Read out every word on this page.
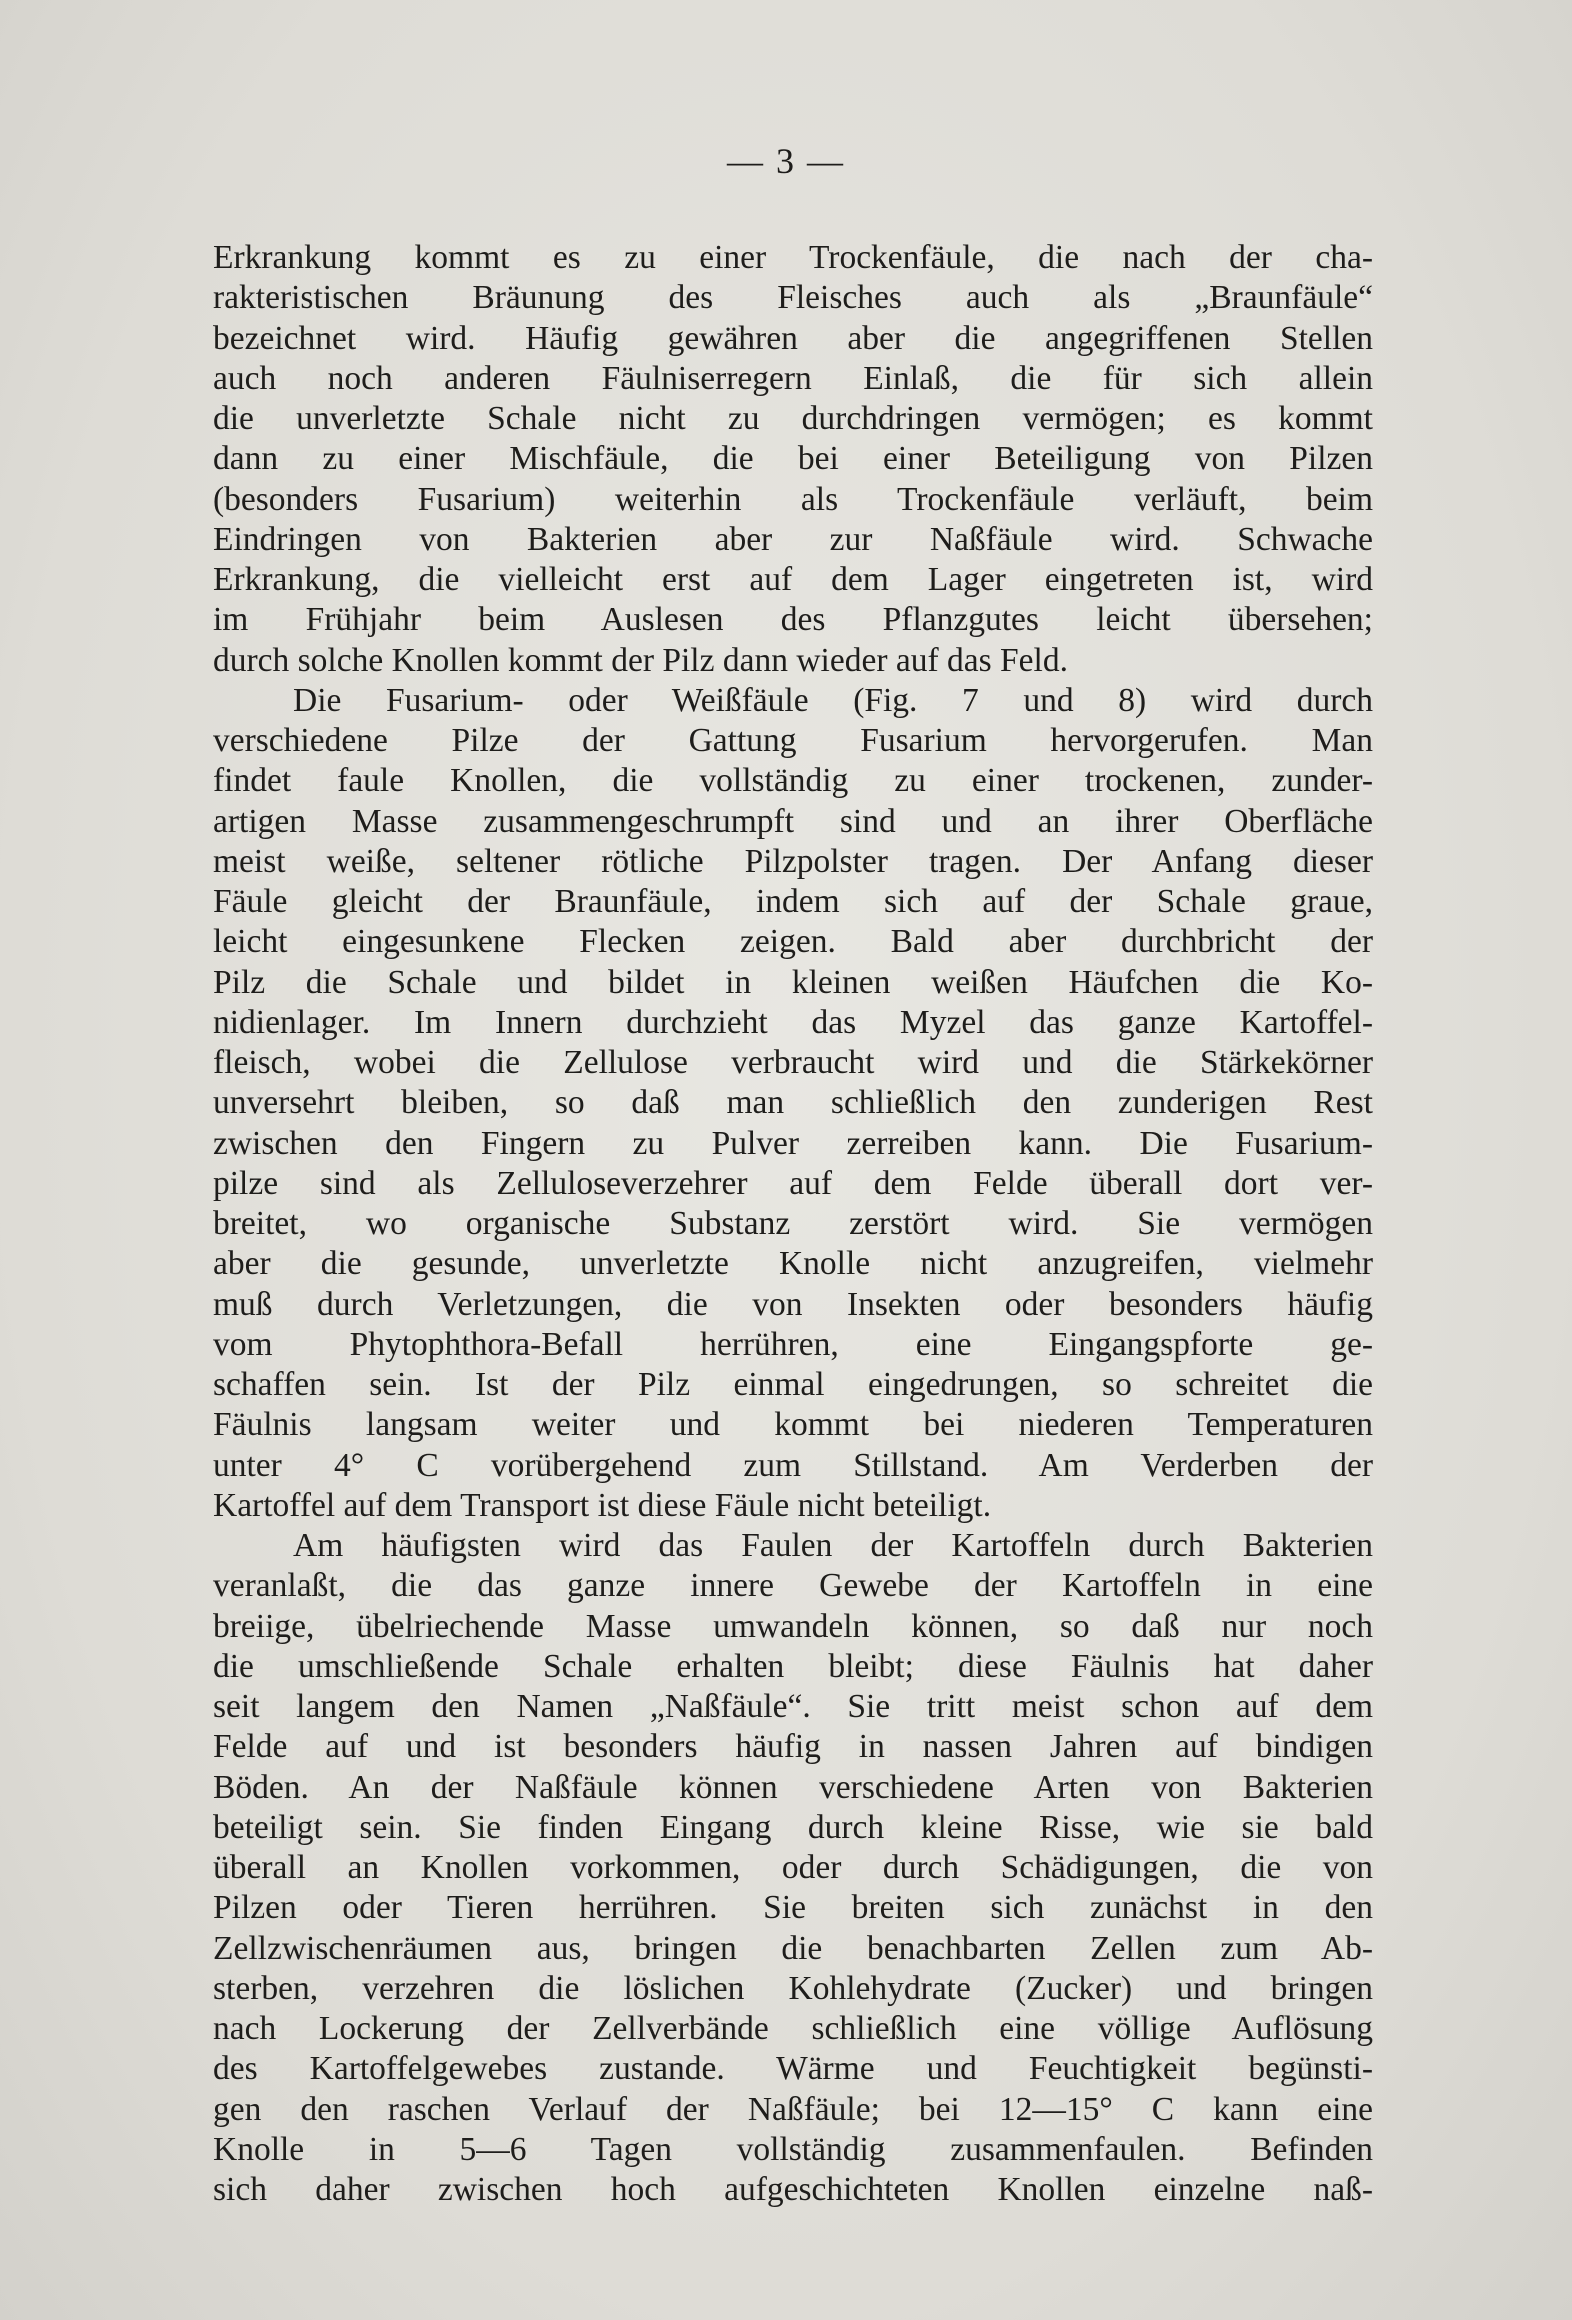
— 3 —
Erkrankung kommt es zu einer Trockenfäule, die nach der cha-
rakteristischen Bräunung des Fleisches auch als „Braunfäule“
bezeichnet wird. Häufig gewähren aber die angegriffenen Stellen
auch noch anderen Fäulniserregern Einlaß, die für sich allein
die unverletzte Schale nicht zu durchdringen vermögen; es kommt
dann zu einer Mischfäule, die bei einer Beteiligung von Pilzen
(besonders Fusarium) weiterhin als Trockenfäule verläuft, beim
Eindringen von Bakterien aber zur Naßfäule wird. Schwache
Erkrankung, die vielleicht erst auf dem Lager eingetreten ist, wird
im Frühjahr beim Auslesen des Pflanzgutes leicht übersehen;
durch solche Knollen kommt der Pilz dann wieder auf das Feld.
Die Fusarium- oder Weißfäule (Fig. 7 und 8) wird durch
verschiedene Pilze der Gattung Fusarium hervorgerufen. Man
findet faule Knollen, die vollständig zu einer trockenen, zunder-
artigen Masse zusammengeschrumpft sind und an ihrer Oberfläche
meist weiße, seltener rötliche Pilzpolster tragen. Der Anfang dieser
Fäule gleicht der Braunfäule, indem sich auf der Schale graue,
leicht eingesunkene Flecken zeigen. Bald aber durchbricht der
Pilz die Schale und bildet in kleinen weißen Häufchen die Ko-
nidienlager. Im Innern durchzieht das Myzel das ganze Kartoffel-
fleisch, wobei die Zellulose verbraucht wird und die Stärkekörner
unversehrt bleiben, so daß man schließlich den zunderigen Rest
zwischen den Fingern zu Pulver zerreiben kann. Die Fusarium-
pilze sind als Zelluloseverzehrer auf dem Felde überall dort ver-
breitet, wo organische Substanz zerstört wird. Sie vermögen
aber die gesunde, unverletzte Knolle nicht anzugreifen, vielmehr
muß durch Verletzungen, die von Insekten oder besonders häufig
vom Phytophthora-Befall herrühren, eine Eingangspforte ge-
schaffen sein. Ist der Pilz einmal eingedrungen, so schreitet die
Fäulnis langsam weiter und kommt bei niederen Temperaturen
unter 4° C vorübergehend zum Stillstand. Am Verderben der
Kartoffel auf dem Transport ist diese Fäule nicht beteiligt.
Am häufigsten wird das Faulen der Kartoffeln durch Bakterien
veranlaßt, die das ganze innere Gewebe der Kartoffeln in eine
breiige, übelriechende Masse umwandeln können, so daß nur noch
die umschließende Schale erhalten bleibt; diese Fäulnis hat daher
seit langem den Namen „Naßfäule“. Sie tritt meist schon auf dem
Felde auf und ist besonders häufig in nassen Jahren auf bindigen
Böden. An der Naßfäule können verschiedene Arten von Bakterien
beteiligt sein. Sie finden Eingang durch kleine Risse, wie sie bald
überall an Knollen vorkommen, oder durch Schädigungen, die von
Pilzen oder Tieren herrühren. Sie breiten sich zunächst in den
Zellzwischenräumen aus, bringen die benachbarten Zellen zum Ab-
sterben, verzehren die löslichen Kohlehydrate (Zucker) und bringen
nach Lockerung der Zellverbände schließlich eine völlige Auflösung
des Kartoffelgewebes zustande. Wärme und Feuchtigkeit begünsti-
gen den raschen Verlauf der Naßfäule; bei 12—15° C kann eine
Knolle in 5—6 Tagen vollständig zusammenfaulen. Befinden
sich daher zwischen hoch aufgeschichteten Knollen einzelne naß-
